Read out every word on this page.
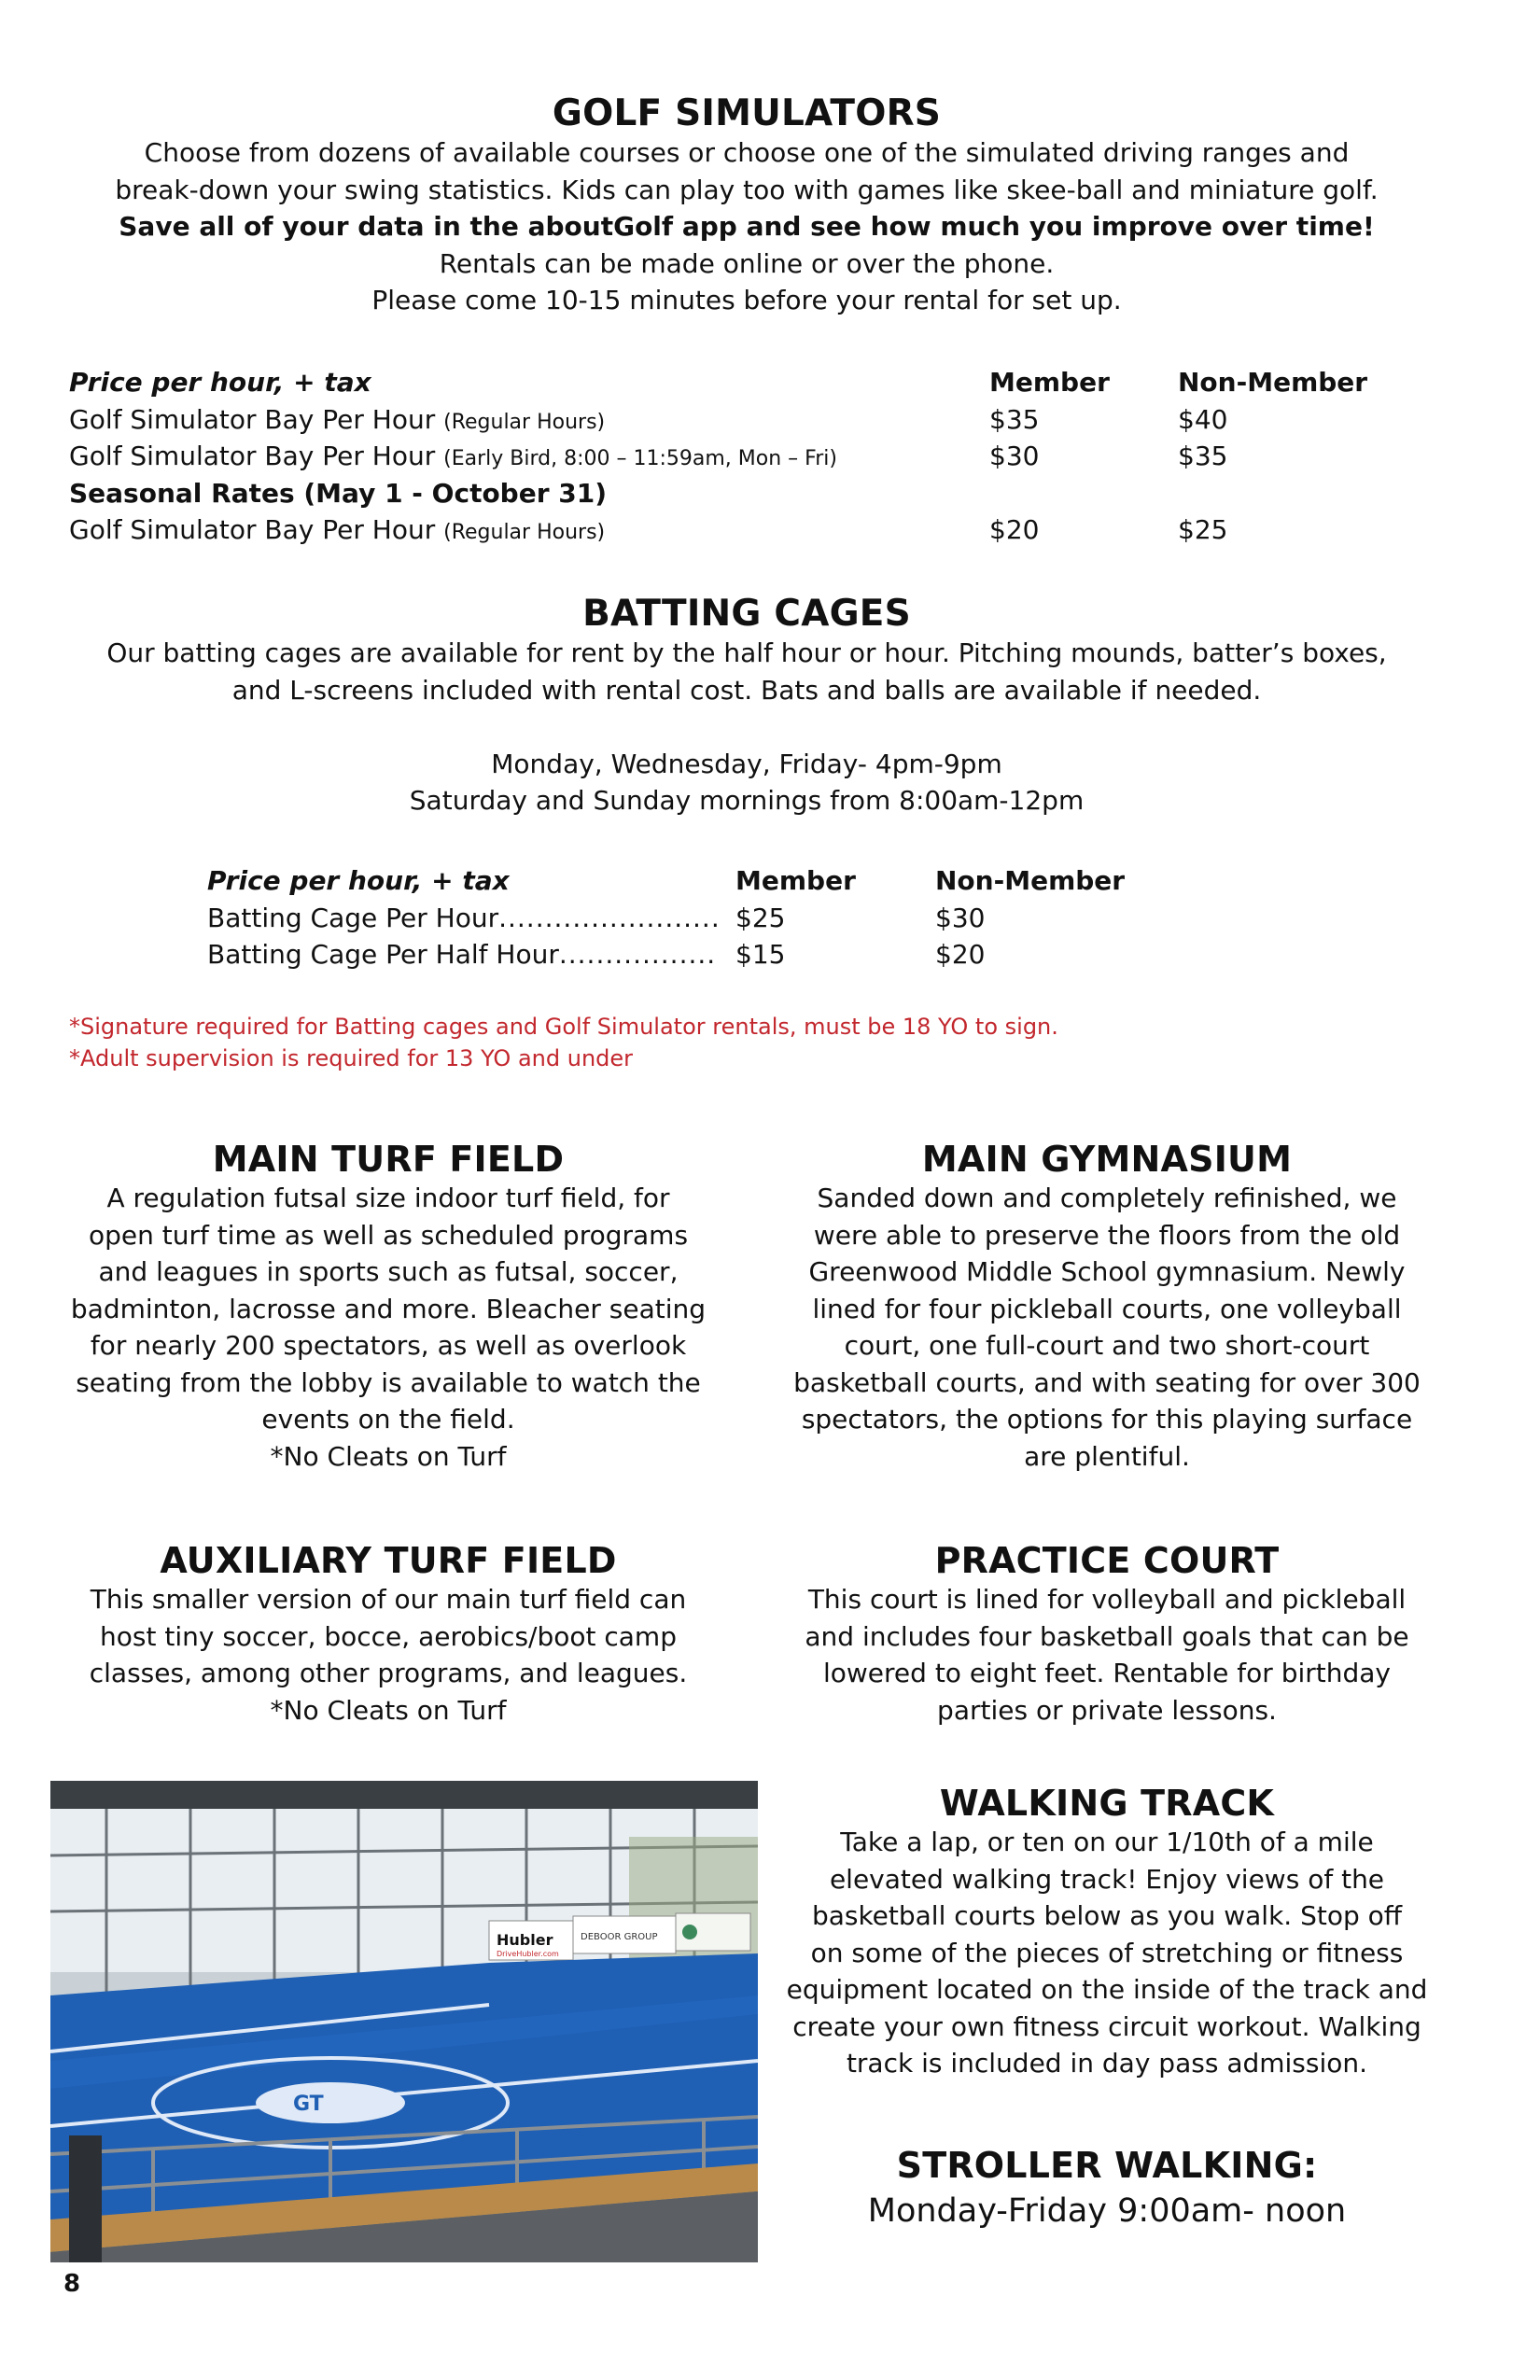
GOLF SIMULATORS
Choose from dozens of available courses or choose one of the simulated driving ranges and
break-down your swing statistics. Kids can play too with games like skee-ball and miniature golf.
Save all of your data in the aboutGolf app and see how much you improve over time!
Rentals can be made online or over the phone.
Please come 10-15 minutes before your rental for set up.
Price per hour, + tax	Member	Non-Member
Golf Simulator Bay Per Hour (Regular Hours)	$35	$40
Golf Simulator Bay Per Hour (Early Bird, 8:00 – 11:59am, Mon – Fri)	$30	$35
Seasonal Rates (May 1 - October 31)
Golf Simulator Bay Per Hour (Regular Hours)	$20	$25
BATTING CAGES
Our batting cages are available for rent by the half hour or hour. Pitching mounds, batter’s boxes,
and L-screens included with rental cost. Bats and balls are available if needed.
Monday, Wednesday, Friday- 4pm-9pm
Saturday and Sunday mornings from 8:00am-12pm
Price per hour, + tax	Member	Non-Member
Batting Cage Per Hour........................ $25	$30
Batting Cage Per Half Hour................. $15	$20
*Signature required for Batting cages and Golf Simulator rentals, must be 18 YO to sign.
*Adult supervision is required for 13 YO and under
MAIN TURF FIELD
A regulation futsal size indoor turf field, for
open turf time as well as scheduled programs
and leagues in sports such as futsal, soccer,
badminton, lacrosse and more. Bleacher seating
for nearly 200 spectators, as well as overlook
seating from the lobby is available to watch the
events on the field.
*No Cleats on Turf
MAIN GYMNASIUM
Sanded down and completely refinished, we
were able to preserve the floors from the old
Greenwood Middle School gymnasium. Newly
lined for four pickleball courts, one volleyball
court, one full-court and two short-court
basketball courts, and with seating for over 300
spectators, the options for this playing surface
are plentiful.
AUXILIARY TURF FIELD
This smaller version of our main turf field can
host tiny soccer, bocce, aerobics/boot camp
classes, among other programs, and leagues.
*No Cleats on Turf
PRACTICE COURT
This court is lined for volleyball and pickleball
and includes four basketball goals that can be
lowered to eight feet. Rentable for birthday
parties or private lessons.
WALKING TRACK
Take a lap, or ten on our 1/10th of a mile
elevated walking track! Enjoy views of the
basketball courts below as you walk. Stop off
on some of the pieces of stretching or fitness
equipment located on the inside of the track and
create your own fitness circuit workout. Walking
track is included in day pass admission.
STROLLER WALKING:
Monday-Friday 9:00am- noon
Hubler
DriveHubler.com
DEBOOR GROUP
GT
8
